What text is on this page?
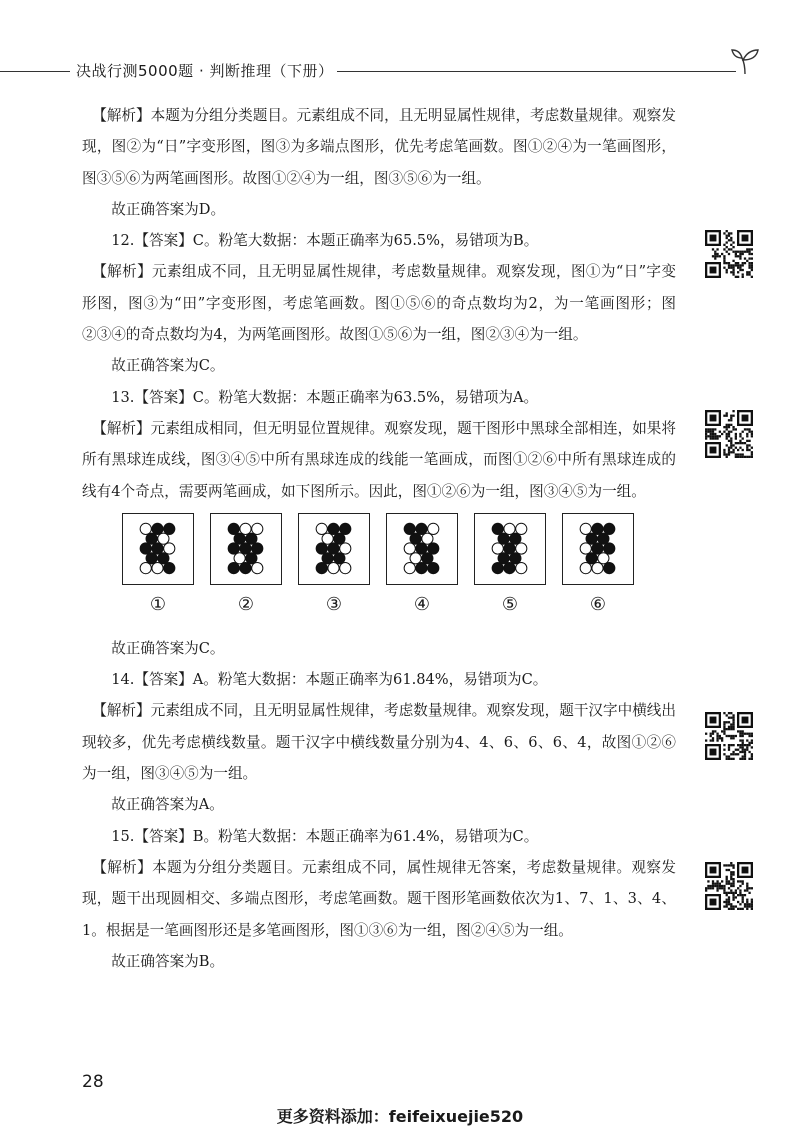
决战行测5000题 · 判断推理（下册）

【解析】本题为分组分类题目。元素组成不同，且无明显属性规律，考虑数量规律。观察发现，图②为“日”字变形图，图③为多端点图形，优先考虑笔画数。图①②④为一笔画图形，图③⑤⑥为两笔画图形。故图①②④为一组，图③⑤⑥为一组。

故正确答案为D。

12.【答案】C。粉笔大数据：本题正确率为65.5%，易错项为B。

【解析】元素组成不同，且无明显属性规律，考虑数量规律。观察发现，图①为“日”字变形图，图③为“田”字变形图，考虑笔画数。图①⑤⑥的奇点数均为2，为一笔画图形；图②③④的奇点数均为4，为两笔画图形。故图①⑤⑥为一组，图②③④为一组。

故正确答案为C。

13.【答案】C。粉笔大数据：本题正确率为63.5%，易错项为A。

【解析】元素组成相同，但无明显位置规律。观察发现，题干图形中黑球全部相连，如果将所有黑球连成线，图③④⑤中所有黑球连成的线能一笔画成，而图①②⑥中所有黑球连成的线有4个奇点，需要两笔画成，如下图所示。因此，图①②⑥为一组，图③④⑤为一组。

①	②	③	④	⑤	⑥

故正确答案为C。

14.【答案】A。粉笔大数据：本题正确率为61.84%，易错项为C。

【解析】元素组成不同，且无明显属性规律，考虑数量规律。观察发现，题干汉字中横线出现较多，优先考虑横线数量。题干汉字中横线数量分别为4、4、6、6、6、4，故图①②⑥为一组，图③④⑤为一组。

故正确答案为A。

15.【答案】B。粉笔大数据：本题正确率为61.4%，易错项为C。

【解析】本题为分组分类题目。元素组成不同，属性规律无答案，考虑数量规律。观察发现，题干出现圆相交、多端点图形，考虑笔画数。题干图形笔画数依次为1、7、1、3、4、1。根据是一笔画图形还是多笔画图形，图①③⑥为一组，图②④⑤为一组。

故正确答案为B。

28
更多资料添加：feifeixuejie520
